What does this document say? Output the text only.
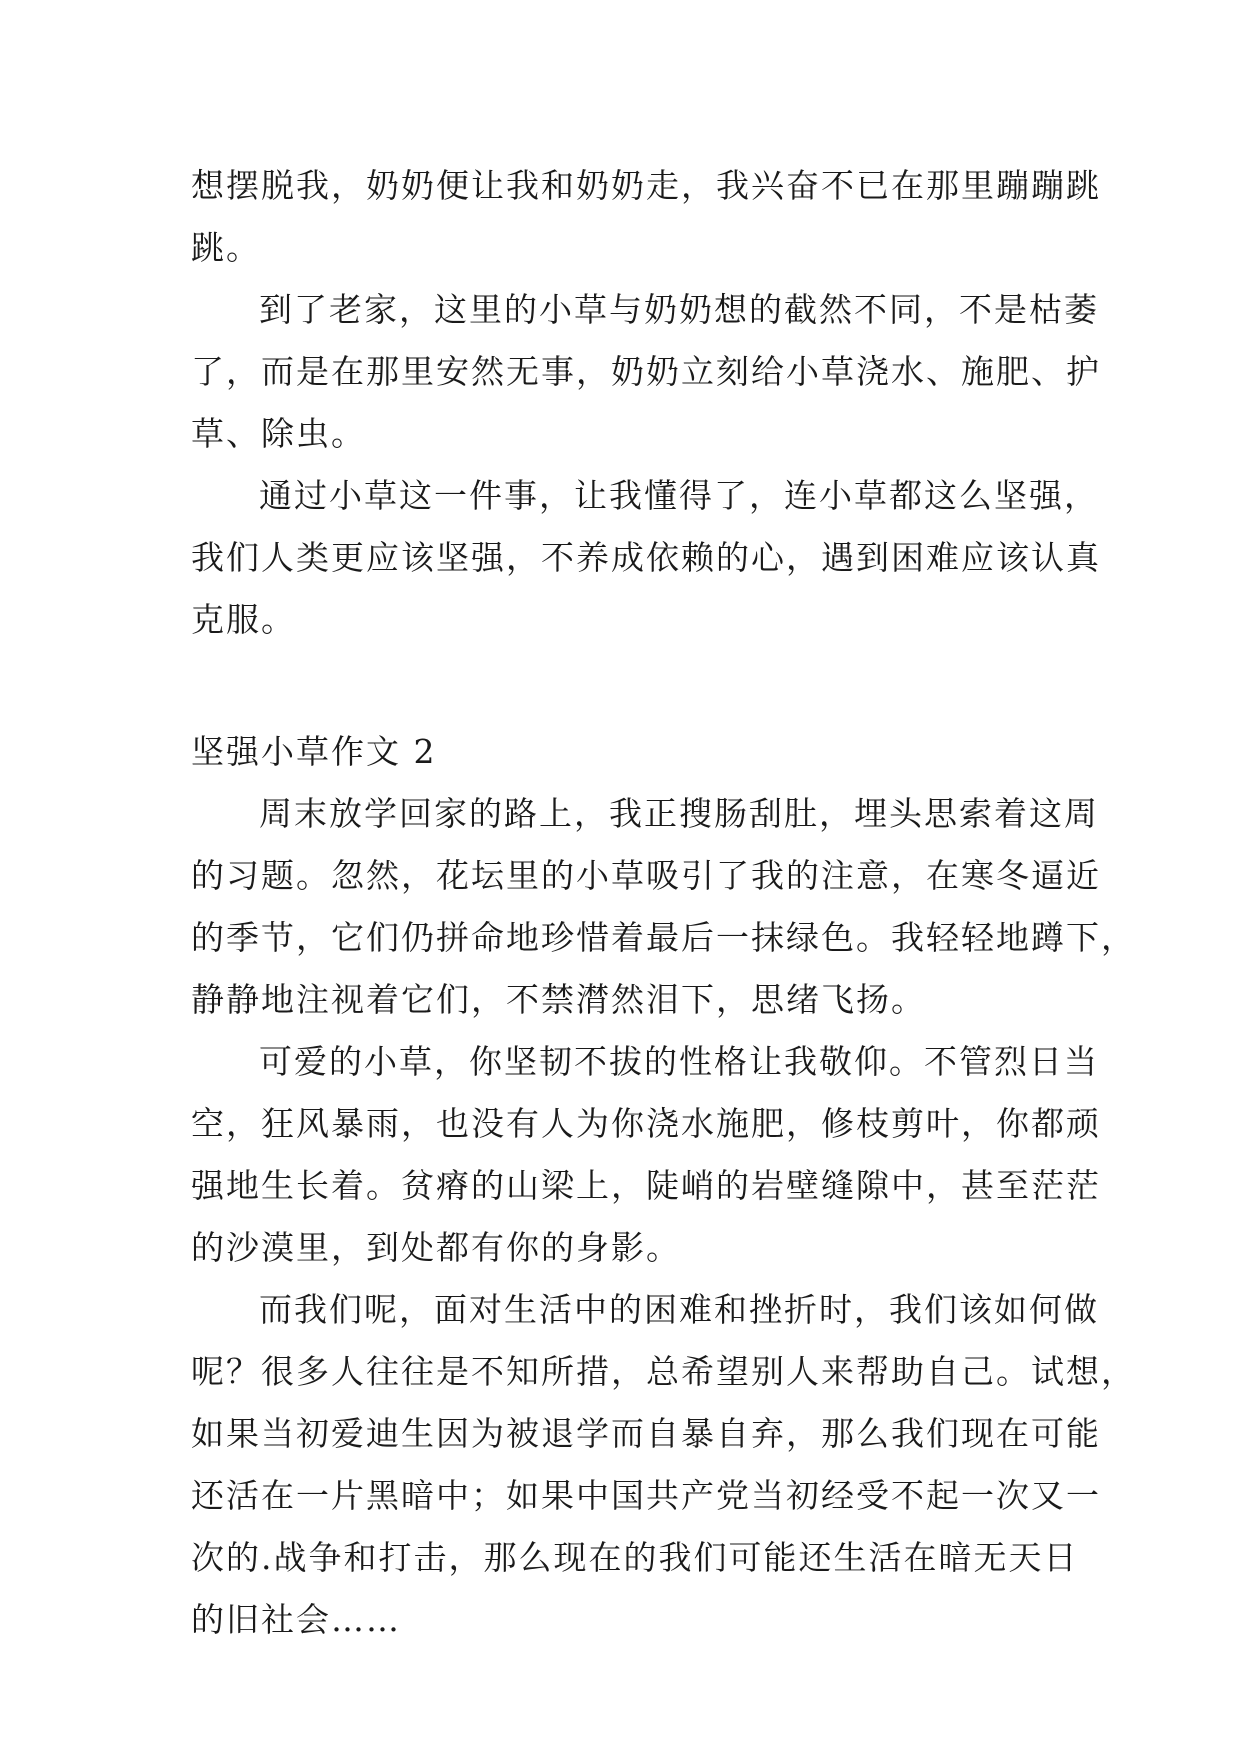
想摆脱我，奶奶便让我和奶奶走，我兴奋不已在那里蹦蹦跳
跳。
到了老家，这里的小草与奶奶想的截然不同，不是枯萎
了，而是在那里安然无事，奶奶立刻给小草浇水、施肥、护
草、除虫。
通过小草这一件事，让我懂得了，连小草都这么坚强，
我们人类更应该坚强，不养成依赖的心，遇到困难应该认真
克服。
坚强小草作文 2
周末放学回家的路上，我正搜肠刮肚，埋头思索着这周
的习题。忽然，花坛里的小草吸引了我的注意，在寒冬逼近
的季节，它们仍拼命地珍惜着最后一抹绿色。我轻轻地蹲下，
静静地注视着它们，不禁潸然泪下，思绪飞扬。
可爱的小草，你坚韧不拔的性格让我敬仰。不管烈日当
空，狂风暴雨，也没有人为你浇水施肥，修枝剪叶，你都顽
强地生长着。贫瘠的山梁上，陡峭的岩壁缝隙中，甚至茫茫
的沙漠里，到处都有你的身影。
而我们呢，面对生活中的困难和挫折时，我们该如何做
呢？很多人往往是不知所措，总希望别人来帮助自己。试想，
如果当初爱迪生因为被退学而自暴自弃，那么我们现在可能
还活在一片黑暗中；如果中国共产党当初经受不起一次又一
次的.战争和打击，那么现在的我们可能还生活在暗无天日
的旧社会……
